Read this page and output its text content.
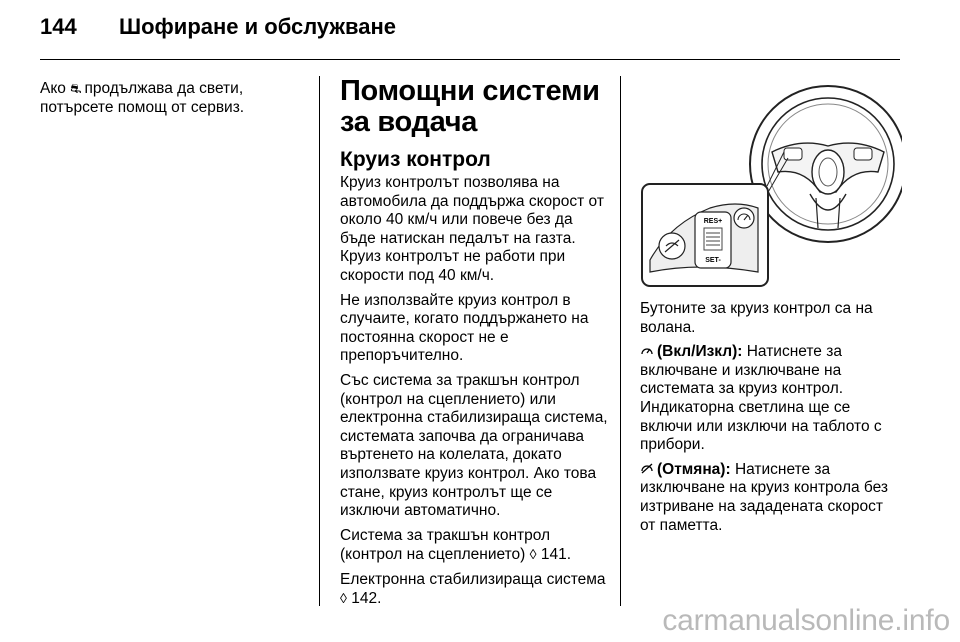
144 Шофиране и обслужване

Ако ⛐ продължава да свети,
потърсете помощ от сервиз.

Помощни системи за водача
Круиз контрол

Круиз контролът позволява на автомобила да поддържа скорост от около 40 км/ч или повече без да бъде натискан педалът на газта. Круиз контролът не работи при скорости под 40 км/ч.

Не използвайте круиз контрол в случаите, когато поддържането на постоянна скорост не е препоръчително.

Със система за тракшън контрол (контрол на сцеплението) или електронна стабилизираща система, системата започва да ограничава въртенето на колелата, докато използвате круиз контрол. Ако това стане, круиз контролът ще се изключи автоматично.

Система за тракшън контрол (контрол на сцеплението) ◊ 141.

Електронна стабилизираща система ◊ 142.

RES+
SET-

Бутоните за круиз контрол са на волана.

(Вкл/Изкл): Натиснете за включване и изключване на системата за круиз контрол. Индикаторна светлина ще се включи или изключи на таблото с прибори.

(Отмяна): Натиснете за изключване на круиз контрола без изтриване на зададената скорост от паметта.

carmanualsonline.info
